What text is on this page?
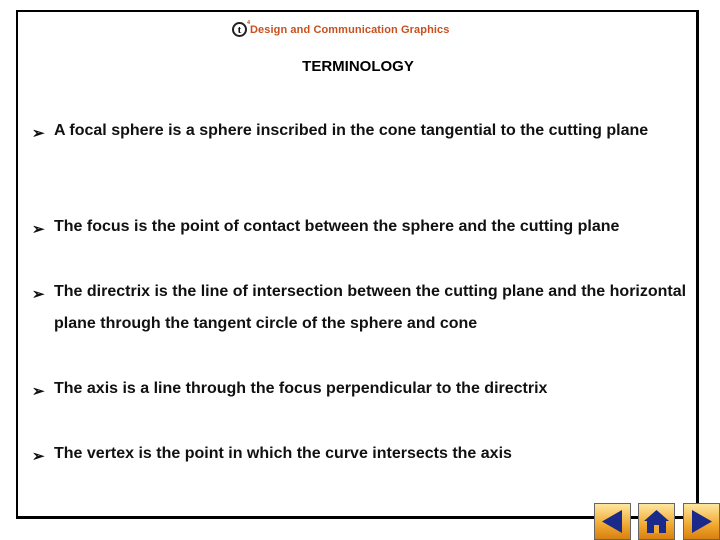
t
$^4$
Design and Communication Graphics
TERMINOLOGY
➢ A focal sphere is a sphere inscribed in the cone tangential to the cutting plane
➢ The focus is the point of contact between the sphere and the cutting plane
➢ The directrix is the line of intersection between the cutting plane and the horizontal plane through the tangent circle of the sphere and cone
➢ The axis is a line through the focus perpendicular to the directrix
➢ The vertex is the point in which the curve intersects the axis
